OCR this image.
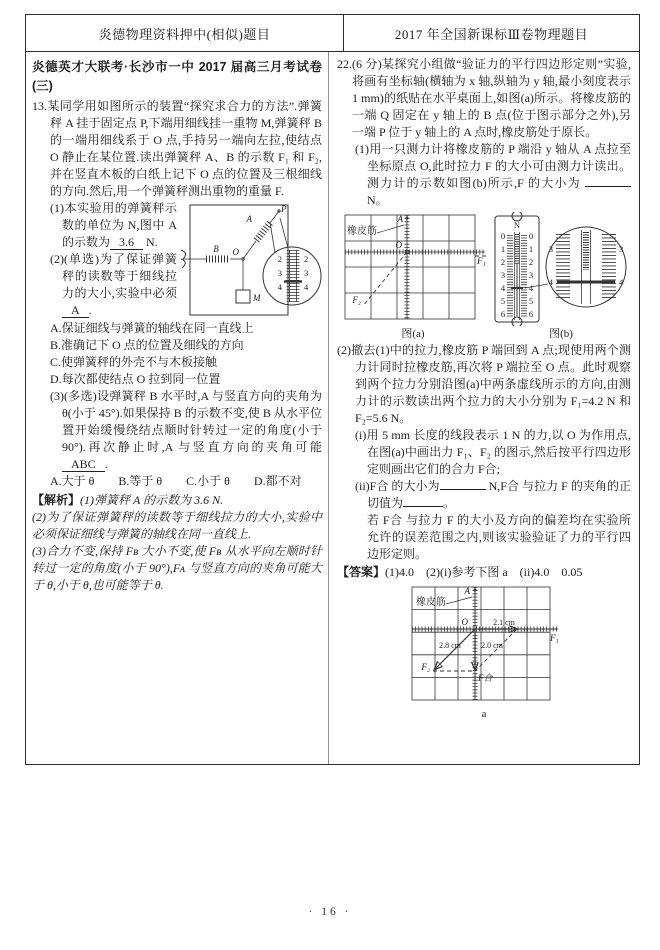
炎德物理资料押中(相似)题目	2017 年全国新课标Ⅲ卷物理题目
炎德英才大联考·长沙市一中 2017 届高三月考试卷(三)
13.某同学用如图所示的装置“探究求合力的方法”.弹簧秤 A 挂于固定点 P,下端用细线挂一重物 M,弹簧秤 B 的一端用细线系于 O 点,手持另一端向左拉,使结点 O 静止在某位置.读出弹簧秤 A、B 的示数 F₁ 和 F₂,并在竖直木板的白纸上记下 O 点的位置及三根细线的方向.然后,用一个弹簧秤测出重物的重量 F.
P
A
B O
M
2
3
4
2
3
4
(1)本实验用的弹簧秤示数的单位为 N,图中 A 的示数为 3.6 N.
(2)(单选)为了保证弹簧秤的读数等于细线拉力的大小,实验中必须A .
A.保证细线与弹簧的轴线在同一直线上
B.准确记下 O 点的位置及细线的方向
C.使弹簧秤的外壳不与木板接触
D.每次都使结点 O 拉到同一位置
(3)(多选)设弹簧秤 B 水平时,A 与竖直方向的夹角为 θ(小于 45°).如果保持 B 的示数不变,使 B 从水平位置开始缓慢绕结点顺时针转过一定的角度(小于 90°).再次静止时,A 与竖直方向的夹角可能ABC .
A.大于 θ　　B.等于 θ　　C.小于 θ　　D.都不对
【解析】(1)弹簧秤 A 的示数为 3.6 N.
(2)为了保证弹簧秤的读数等于细线拉力的大小,实验中必须保证细线与弹簧的轴线在同一直线上.
(3)合力不变,保持 Fʙ 大小不变,使 Fʙ 从水平向左顺时针转过一定的角度(小于 90°),Fᴀ 与竖直方向的夹角可能大于 θ,小于 θ,也可能等于 θ.
22.(6 分)某探究小组做“验证力的平行四边形定则”实验,将画有坐标轴(横轴为 x 轴,纵轴为 y 轴,最小刻度表示 1 mm)的纸贴在水平桌面上,如图(a)所示。将橡皮筋的一端 Q 固定在 y 轴上的 B 点(位于图示部分之外),另一端 P 位于 y 轴上的 A 点时,橡皮筋处于原长。
(1)用一只测力计将橡皮筋的 P 端沿 y 轴从 A 点拉至坐标原点 O,此时拉力 F 的大小可由测力计读出。测力计的示数如图(b)所示,F 的大小为  N。
橡皮筋
A
O
F₁
F₂
图(a)
N
0
1
2
3
4
5
6
0
1
2
3
4
5
6
3
4
3
4
图(b)
(2)撤去(1)中的拉力,橡皮筋 P 端回到 A 点;现使用两个测力计同时拉橡皮筋,再次将 P 端拉至 O 点。此时观察到两个拉力分别沿图(a)中两条虚线所示的方向,由测力计的示数读出两个拉力的大小分别为 F₁=4.2 N 和 F₂=5.6 N。
(i)用 5 mm 长度的线段表示 1 N 的力,以 O 为作用点,在图(a)中画出力 F₁、F₂ 的图示,然后按平行四边形定则画出它们的合力 F合;
(ii)F合 的大小为	N,F合 与拉力 F 的夹角的正切值为	。
若 F合 与拉力 F 的大小及方向的偏差均在实验所允许的误差范围之内,则该实验验证了力的平行四边形定则。
【答案】(1)4.0　(2)(i)参考下图 a　(ii)4.0　0.05
橡皮筋
A
O
F₁
F₂
F合
2.1 cm
2.8 cm	2.0 cm
a
· 16 ·
